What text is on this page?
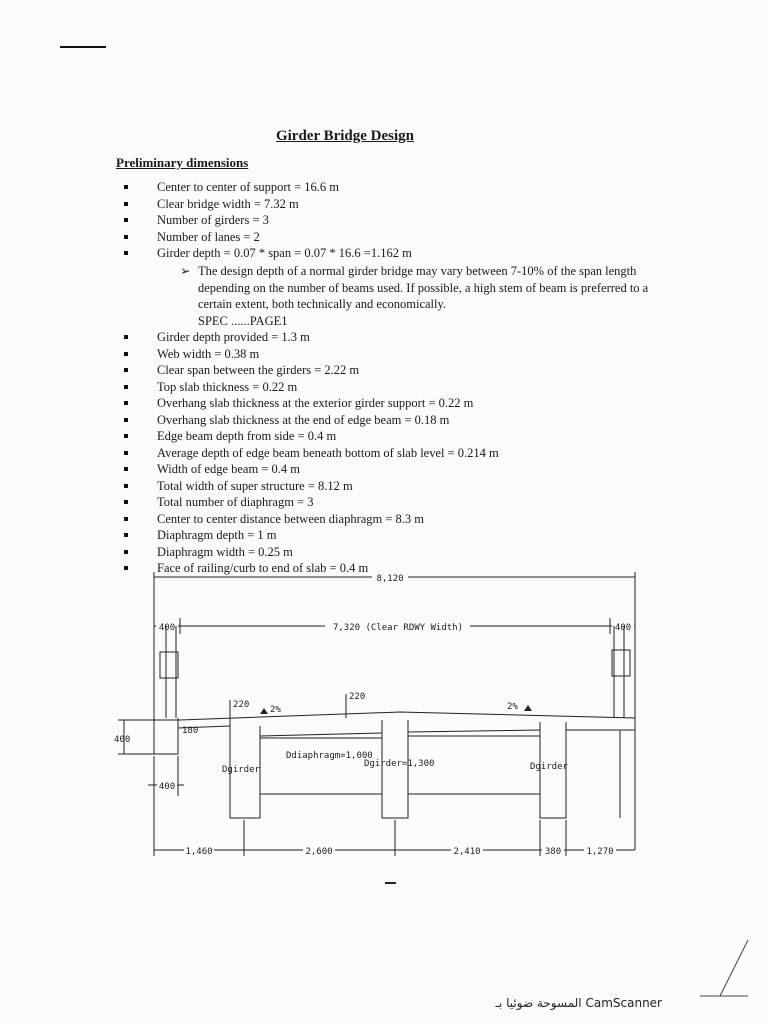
Girder Bridge Design
Preliminary dimensions
Center to center of support = 16.6 m
Clear bridge width = 7.32 m
Number of girders = 3
Number of lanes = 2
Girder depth = 0.07 * span = 0.07 * 16.6 =1.162 m
➢ The design depth of a normal girder bridge may vary between 7-10% of the span length depending on the number of beams used. If possible, a high stem of beam is preferred to a certain extent, both technically and economically.
SPEC ......PAGE1
Girder depth provided = 1.3 m
Web width = 0.38 m
Clear span between the girders = 2.22 m
Top slab thickness = 0.22 m
Overhang slab thickness at the exterior girder support = 0.22 m
Overhang slab thickness at the end of edge beam = 0.18 m
Edge beam depth from side = 0.4 m
Average depth of edge beam beneath bottom of slab level = 0.214 m
Width of edge beam = 0.4 m
Total width of super structure = 8.12 m
Total number of diaphragm = 3
Center to center distance between diaphragm = 8.3 m
Diaphragm depth = 1 m
Diaphragm width = 0.25 m
Face of railing/curb to end of slab = 0.4 m
8,120
7,320 (Clear RDWY Width)
400	400
220
220
2%	2%
400
180
400
Dgirder
Ddiaphragm=1,000
Dgirder=1,300	Dgirder
1,460	2,600	2,410	380	1,270
CamScanner المسوحة ضوئيا بـ
